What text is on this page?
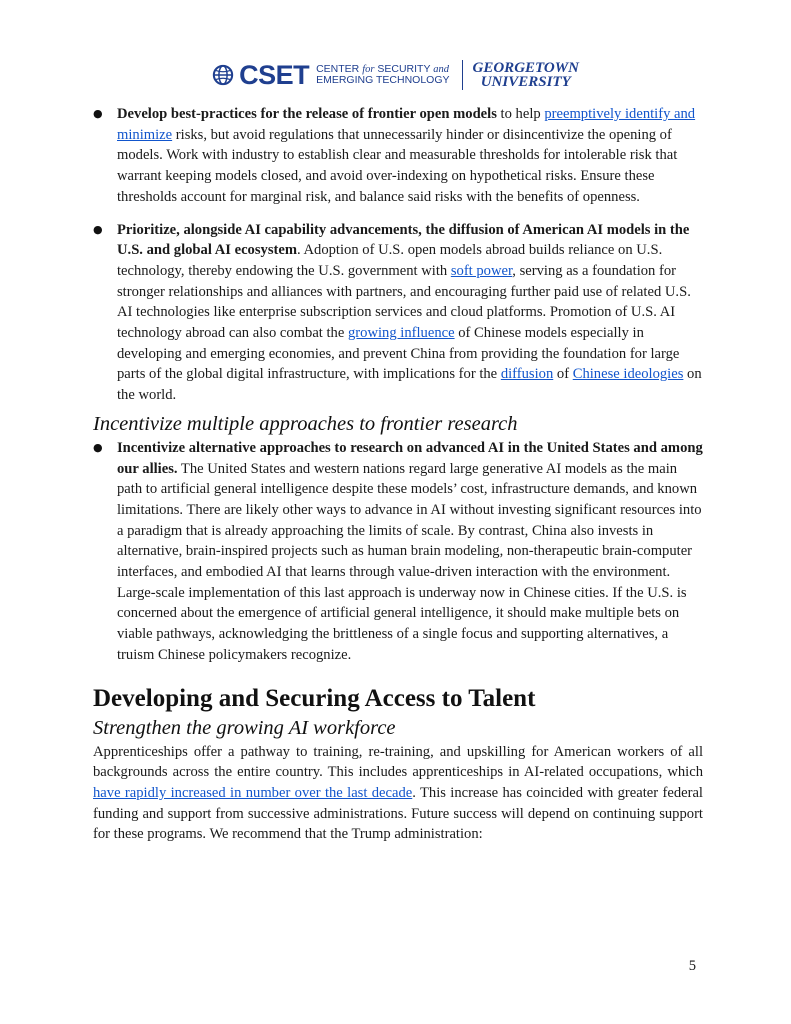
CSET CENTER for SECURITY and
EMERGING TECHNOLOGY
GEORGETOWN
UNIVERSITY
● Develop best-practices for the release of frontier open models to help preemptively identify and minimize risks, but avoid regulations that unnecessarily hinder or disincentivize the opening of models. Work with industry to establish clear and measurable thresholds for intolerable risk that warrant keeping models closed, and avoid over-indexing on hypothetical risks. Ensure these thresholds account for marginal risk, and balance said risks with the benefits of openness.
● Prioritize, alongside AI capability advancements, the diffusion of American AI models in the U.S. and global AI ecosystem. Adoption of U.S. open models abroad builds reliance on U.S. technology, thereby endowing the U.S. government with soft power, serving as a foundation for stronger relationships and alliances with partners, and encouraging further paid use of related U.S. AI technologies like enterprise subscription services and cloud platforms. Promotion of U.S. AI technology abroad can also combat the growing influence of Chinese models especially in developing and emerging economies, and prevent China from providing the foundation for large parts of the global digital infrastructure, with implications for the diffusion of Chinese ideologies on the world.
Incentivize multiple approaches to frontier research
● Incentivize alternative approaches to research on advanced AI in the United States and among our allies. The United States and western nations regard large generative AI models as the main path to artificial general intelligence despite these models’ cost, infrastructure demands, and known limitations. There are likely other ways to advance in AI without investing significant resources into a paradigm that is already approaching the limits of scale. By contrast, China also invests in alternative, brain-inspired projects such as human brain modeling, non-therapeutic brain-computer interfaces, and embodied AI that learns through value-driven interaction with the environment. Large-scale implementation of this last approach is underway now in Chinese cities. If the U.S. is concerned about the emergence of artificial general intelligence, it should make multiple bets on viable pathways, acknowledging the brittleness of a single focus and supporting alternatives, a truism Chinese policymakers recognize.
Developing and Securing Access to Talent
Strengthen the growing AI workforce

Apprenticeships offer a pathway to training, re-training, and upskilling for American workers of all backgrounds across the entire country. This includes apprenticeships in AI-related occupations, which have rapidly increased in number over the last decade. This increase has coincided with greater federal funding and support from successive administrations. Future success will depend on continuing support for these programs. We recommend that the Trump administration:

5
